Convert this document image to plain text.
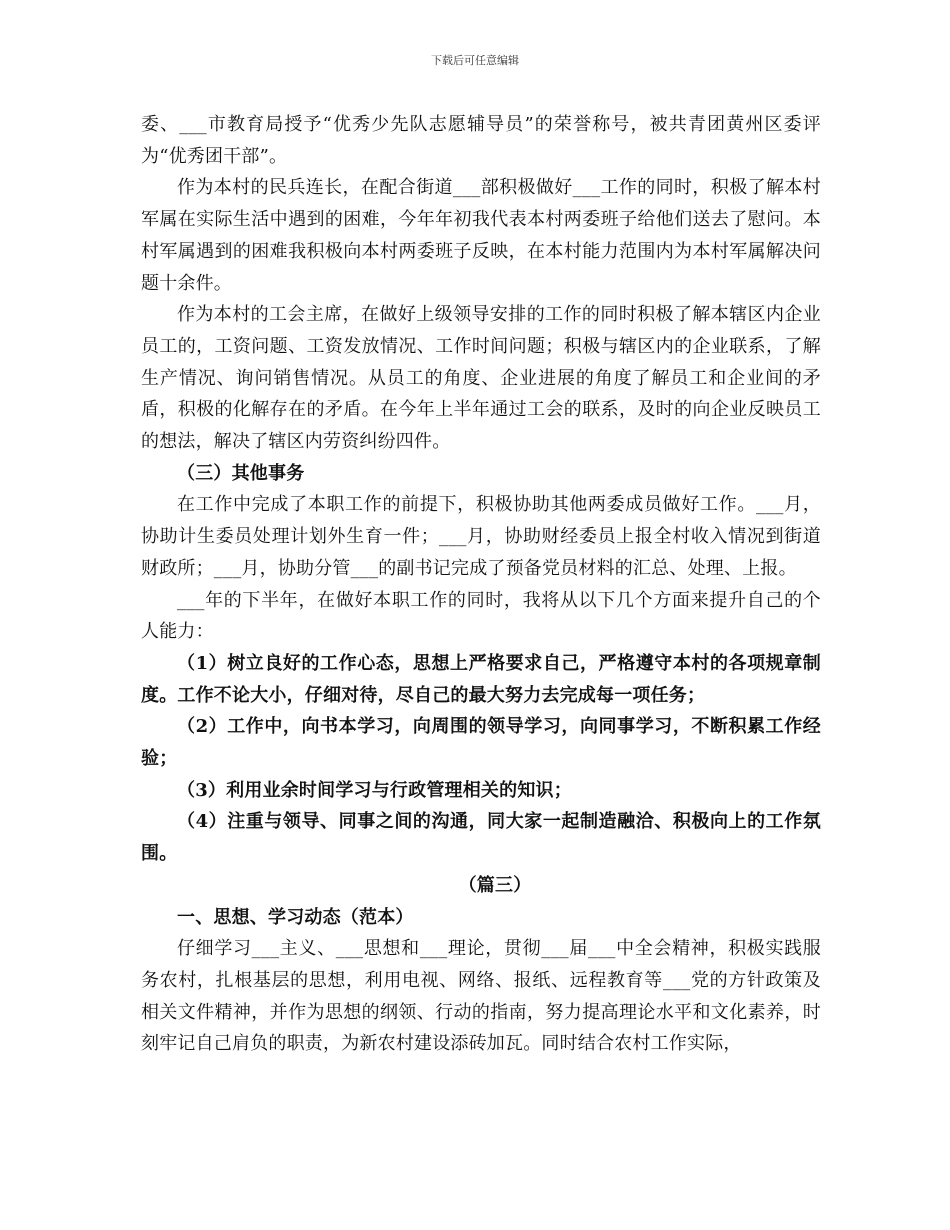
下载后可任意编辑

委、___市教育局授予“优秀少先队志愿辅导员”的荣誉称号，被共青团黄州区委评为“优秀团干部”。

作为本村的民兵连长，在配合街道___部积极做好___工作的同时，积极了解本村军属在实际生活中遇到的困难，今年年初我代表本村两委班子给他们送去了慰问。本村军属遇到的困难我积极向本村两委班子反映，在本村能力范围内为本村军属解决问题十余件。

作为本村的工会主席，在做好上级领导安排的工作的同时积极了解本辖区内企业员工的，工资问题、工资发放情况、工作时间问题；积极与辖区内的企业联系，了解生产情况、询问销售情况。从员工的角度、企业进展的角度了解员工和企业间的矛盾，积极的化解存在的矛盾。在今年上半年通过工会的联系，及时的向企业反映员工的想法，解决了辖区内劳资纠纷四件。

（三）其他事务

在工作中完成了本职工作的前提下，积极协助其他两委成员做好工作。___月，协助计生委员处理计划外生育一件；___月，协助财经委员上报全村收入情况到街道财政所；___月，协助分管___的副书记完成了预备党员材料的汇总、处理、上报。

___年的下半年，在做好本职工作的同时，我将从以下几个方面来提升自己的个人能力：

（1）树立良好的工作心态，思想上严格要求自己，严格遵守本村的各项规章制度。工作不论大小，仔细对待，尽自己的最大努力去完成每一项任务；

（2）工作中，向书本学习，向周围的领导学习，向同事学习，不断积累工作经验；

（3）利用业余时间学习与行政管理相关的知识；

（4）注重与领导、同事之间的沟通，同大家一起制造融洽、积极向上的工作氛围。

（篇三）

一、思想、学习动态（范本）

仔细学习___主义、___思想和___理论，贯彻___届___中全会精神，积极实践服务农村，扎根基层的思想，利用电视、网络、报纸、远程教育等___党的方针政策及相关文件精神，并作为思想的纲领、行动的指南，努力提高理论水平和文化素养，时刻牢记自己肩负的职责，为新农村建设添砖加瓦。同时结合农村工作实际，
